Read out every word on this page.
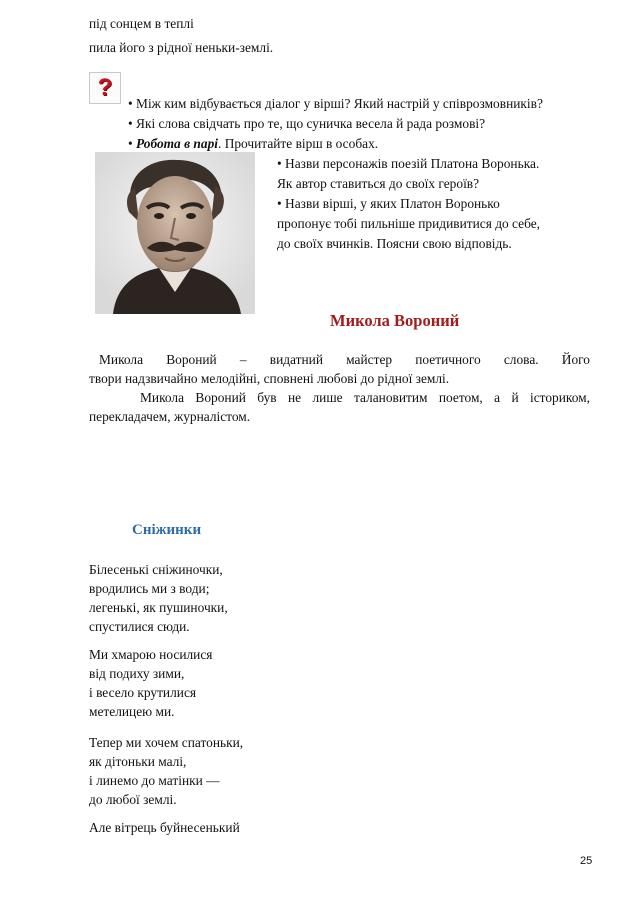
під сонцем в теплі
пила його з рідної неньки-землі.
?
• Між ким відбувається діалог у вірші? Який настрій у співрозмовників?
• Які слова свідчать про те, що суничка весела й рада розмові?
• Робота в парі. Прочитайте вірш в особах.
• Назви персонажів поезій Платона Воронька.
Як автор ставиться до своїх героїв?
• Назви вірші, у яких Платон Воронько
пропонує тобі пильніше придивитися до себе,
до своїх вчинків. Поясни свою відповідь.
Микола Вороний
Микола Вороний – видатний майстер поетичного слова. Його
твори надзвичайно мелодійні, сповнені любові до рідної землі.
Микола Вороний був не лише талановитим поетом, а й істориком,
перекладачем, журналістом.
Сніжинки
Білесенькі сніжиночки,
вродились ми з води;
легенькі, як пушиночки,
спустилися сюди.
Ми хмарою носилися
від подиху зими,
і весело крутилися
метелицею ми.
Тепер ми хочем спатоньки,
як дітоньки малі,
і линемо до матінки —
до любої землі.
Але вітрець буйнесенький
25
